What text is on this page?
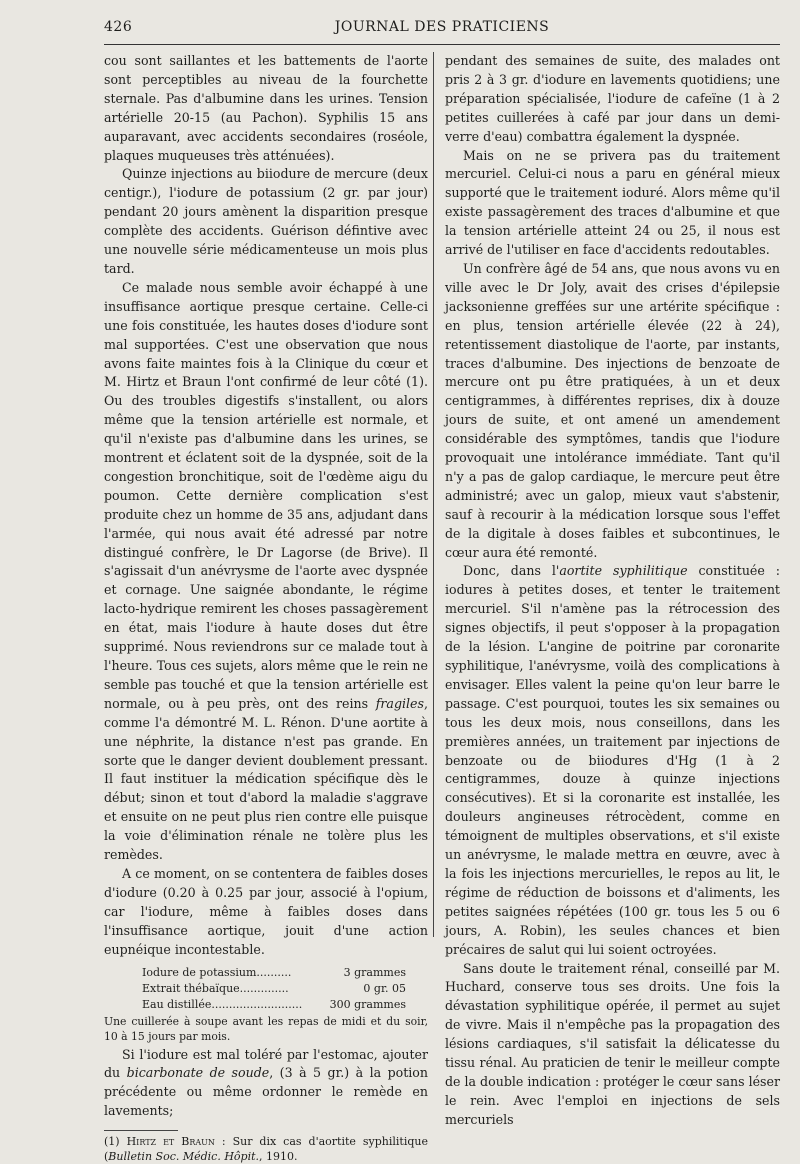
426	JOURNAL DES PRATICIENS

cou sont saillantes et les battements de l'aorte sont perceptibles au niveau de la fourchette sternale. Pas d'albumine dans les urines. Tension artérielle 20-15 (au Pachon). Syphilis 15 ans auparavant, avec accidents secondaires (roséole, plaques muqueuses très atténuées).

Quinze injections au biiodure de mercure (deux centigr.), l'iodure de potassium (2 gr. par jour) pendant 20 jours amènent la disparition presque complète des accidents. Guérison défintive avec une nouvelle série médicamenteuse un mois plus tard.

Ce malade nous semble avoir échappé à une insuffisance aortique presque certaine. Celle-ci une fois constituée, les hautes doses d'iodure sont mal supportées. C'est une observation que nous avons faite maintes fois à la Clinique du cœur et M. Hirtz et Braun l'ont confirmé de leur côté (1). Ou des troubles digestifs s'installent, ou alors même que la tension artérielle est normale, et qu'il n'existe pas d'albumine dans les urines, se montrent et éclatent soit de la dyspnée, soit de la congestion bronchitique, soit de l'œdème aigu du poumon. Cette dernière complication s'est produite chez un homme de 35 ans, adjudant dans l'armée, qui nous avait été adressé par notre distingué confrère, le Dr Lagorse (de Brive). Il s'agissait d'un anévrysme de l'aorte avec dyspnée et cornage. Une saignée abondante, le régime lacto-hydrique remirent les choses passagèrement en état, mais l'iodure à haute doses dut être supprimé. Nous reviendrons sur ce malade tout à l'heure. Tous ces sujets, alors même que le rein ne semble pas touché et que la tension artérielle est normale, ou à peu près, ont des reins fragiles, comme l'a démontré M. L. Rénon. D'une aortite à une néphrite, la distance n'est pas grande. En sorte que le danger devient doublement pressant. Il faut instituer la médication spécifique dès le début; sinon et tout d'abord la maladie s'aggrave et ensuite on ne peut plus rien contre elle puisque la voie d'élimination rénale ne tolère plus les remèdes.

A ce moment, on se contentera de faibles doses d'iodure (0.20 à 0.25 par jour, associé à l'opium, car l'iodure, même à faibles doses dans l'insuffisance aortique, jouit d'une action eupnéique incontestable.

Iodure de potassium..........	3 grammes
Extrait thébaïque..............	0 gr. 05
Eau distillée.......................... 300 grammes
Une cuillerée à soupe avant les repas de midi et du soir, 10 à 15 jours par mois.

Si l'iodure est mal toléré par l'estomac, ajouter du bicarbonate de soude, (3 à 5 gr.) à la potion précédente ou même ordonner le remède en lavements;

(1) Hirtz et Braun : Sur dix cas d'aortite syphilitique (Bulletin Soc. Médic. Hôpit., 1910.

pendant des semaines de suite, des malades ont pris 2 à 3 gr. d'iodure en lavements quotidiens; une préparation spécialisée, l'iodure de cafeïne (1 à 2 petites cuillerées à café par jour dans un demi-verre d'eau) combattra également la dyspnée.

Mais on ne se privera pas du traitement mercuriel. Celui-ci nous a paru en général mieux supporté que le traitement ioduré. Alors même qu'il existe passagèrement des traces d'albumine et que la tension artérielle atteint 24 ou 25, il nous est arrivé de l'utiliser en face d'accidents redoutables.

Un confrère âgé de 54 ans, que nous avons vu en ville avec le Dr Joly, avait des crises d'épilepsie jacksonienne greffées sur une artérite spécifique : en plus, tension artérielle élevée (22 à 24), retentissement diastolique de l'aorte, par instants, traces d'albumine. Des injections de benzoate de mercure ont pu être pratiquées, à un et deux centigrammes, à différentes reprises, dix à douze jours de suite, et ont amené un amendement considérable des symptômes, tandis que l'iodure provoquait une intolérance immédiate. Tant qu'il n'y a pas de galop cardiaque, le mercure peut être administré; avec un galop, mieux vaut s'abstenir, sauf à recourir à la médication lorsque sous l'effet de la digitale à doses faibles et subcontinues, le cœur aura été remonté.

Donc, dans l'aortite syphilitique constituée : iodures à petites doses, et tenter le traitement mercuriel. S'il n'amène pas la rétrocession des signes objectifs, il peut s'opposer à la propagation de la lésion. L'angine de poitrine par coronarite syphilitique, l'anévrysme, voilà des complications à envisager. Elles valent la peine qu'on leur barre le passage. C'est pourquoi, toutes les six semaines ou tous les deux mois, nous conseillons, dans les premières années, un traitement par injections de benzoate ou de biiodures d'Hg (1 à 2 centigrammes, douze à quinze injections consécutives). Et si la coronarite est installée, les douleurs angineuses rétrocèdent, comme en témoignent de multiples observations, et s'il existe un anévrysme, le malade mettra en œuvre, avec à la fois les injections mercurielles, le repos au lit, le régime de réduction de boissons et d'aliments, les petites saignées répétées (100 gr. tous les 5 ou 6 jours, A. Robin), les seules chances et bien précaires de salut qui lui soient octroyées.

Sans doute le traitement rénal, conseillé par M. Huchard, conserve tous ses droits. Une fois la dévastation syphilitique opérée, il permet au sujet de vivre. Mais il n'empêche pas la propagation des lésions cardiaques, s'il satisfait la délicatesse du tissu rénal. Au praticien de tenir le meilleur compte de la double indication : protéger le cœur sans léser le rein. Avec l'emploi en injections de sels mercuriels
